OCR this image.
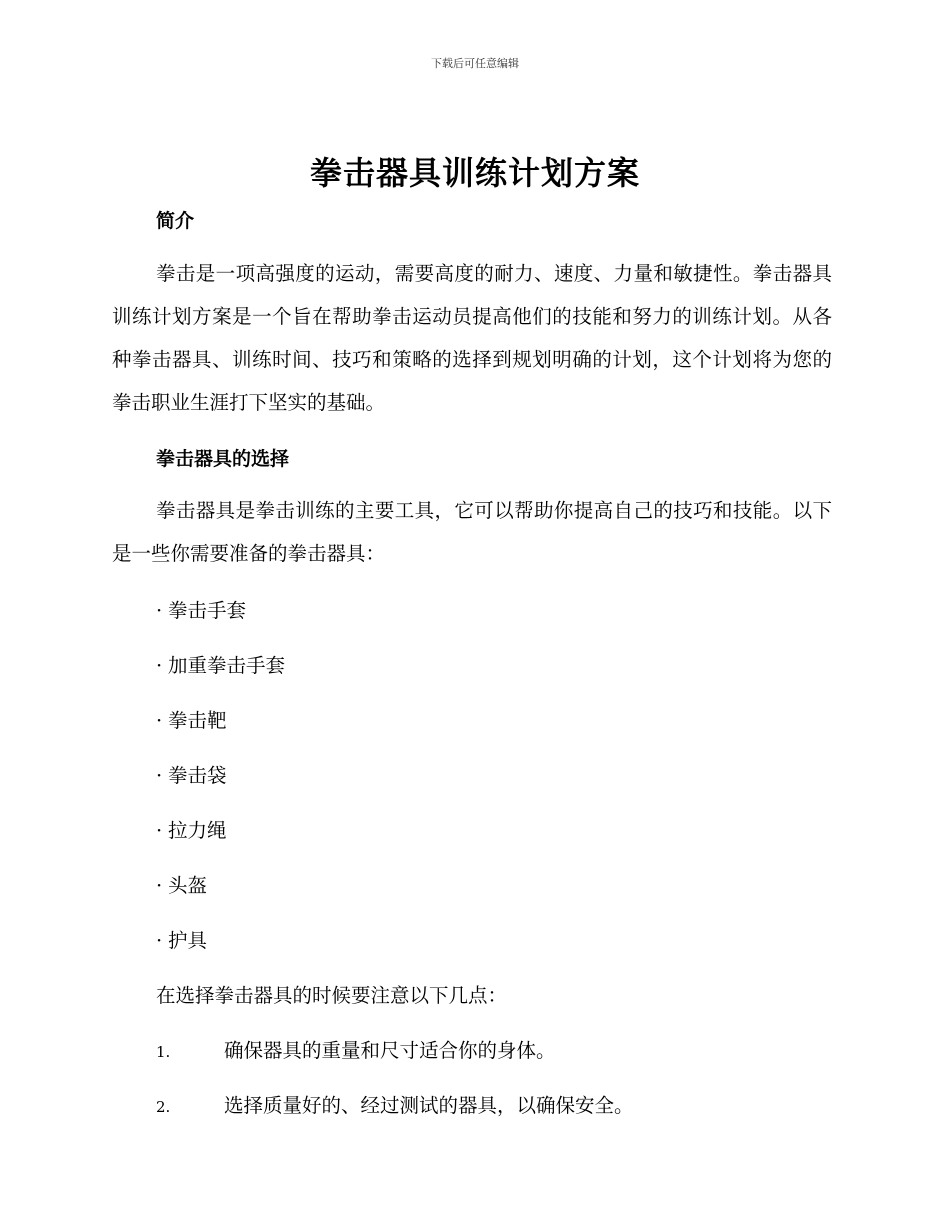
下载后可任意编辑
拳击器具训练计划方案
简介
拳击是一项高强度的运动，需要高度的耐力、速度、力量和敏捷性。拳击器具训练计划方案是一个旨在帮助拳击运动员提高他们的技能和努力的训练计划。从各种拳击器具、训练时间、技巧和策略的选择到规划明确的计划，这个计划将为您的拳击职业生涯打下坚实的基础。
拳击器具的选择
拳击器具是拳击训练的主要工具，它可以帮助你提高自己的技巧和技能。以下是一些你需要准备的拳击器具：
· 拳击手套
· 加重拳击手套
· 拳击靶
· 拳击袋
· 拉力绳
· 头盔
· 护具
在选择拳击器具的时候要注意以下几点：
1.	确保器具的重量和尺寸适合你的身体。
2.	选择质量好的、经过测试的器具，以确保安全。
